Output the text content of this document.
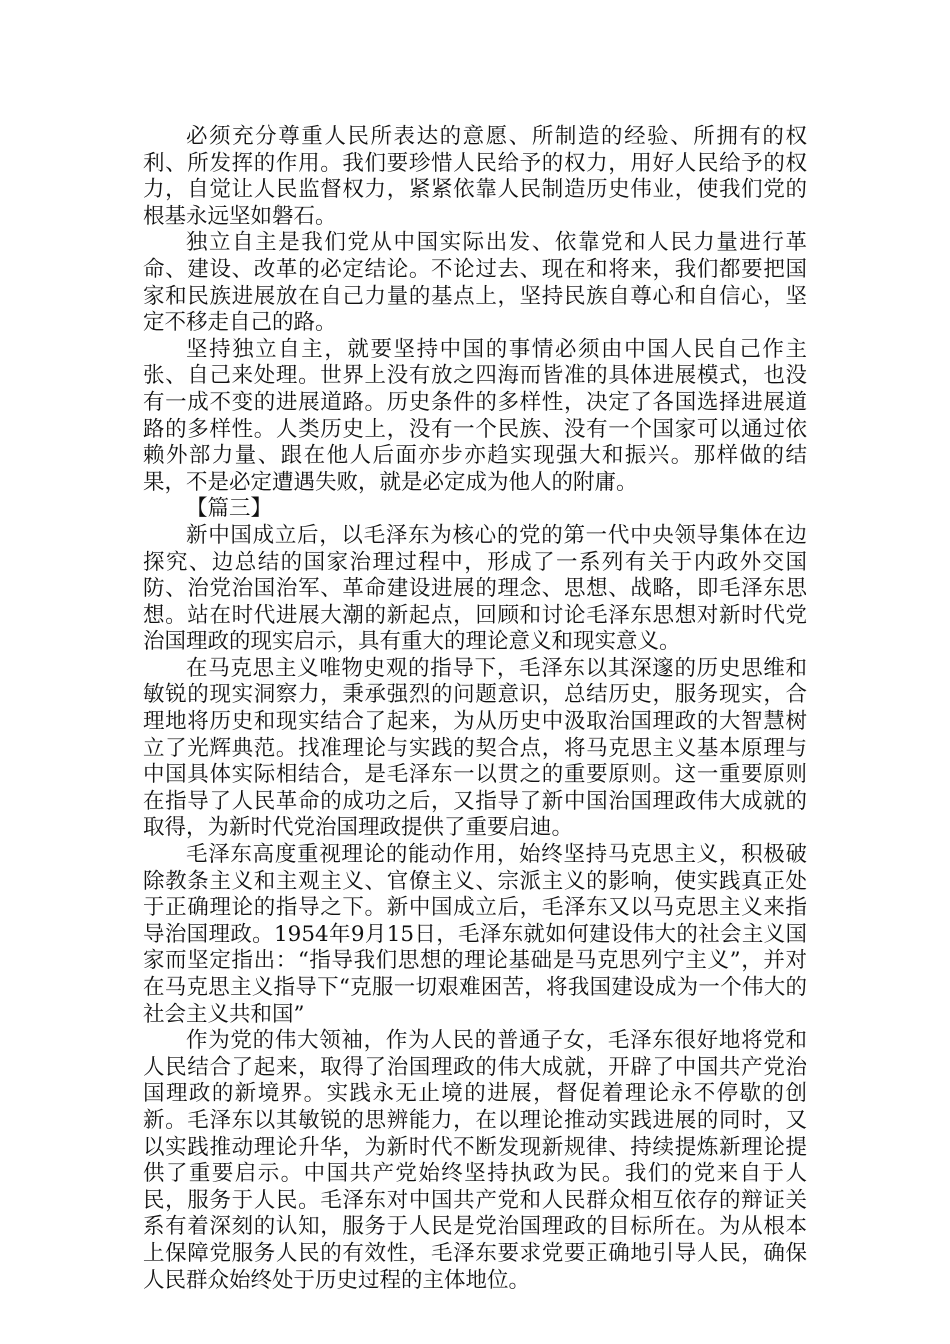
必须充分尊重人民所表达的意愿、所制造的经验、所拥有的权利、所发挥的作用。我们要珍惜人民给予的权力，用好人民给予的权力，自觉让人民监督权力，紧紧依靠人民制造历史伟业，使我们党的根基永远坚如磐石。

独立自主是我们党从中国实际出发、依靠党和人民力量进行革命、建设、改革的必定结论。不论过去、现在和将来，我们都要把国家和民族进展放在自己力量的基点上，坚持民族自尊心和自信心，坚定不移走自己的路。

坚持独立自主，就要坚持中国的事情必须由中国人民自己作主张、自己来处理。世界上没有放之四海而皆准的具体进展模式，也没有一成不变的进展道路。历史条件的多样性，决定了各国选择进展道路的多样性。人类历史上，没有一个民族、没有一个国家可以通过依赖外部力量、跟在他人后面亦步亦趋实现强大和振兴。那样做的结果，不是必定遭遇失败，就是必定成为他人的附庸。

【篇三】

新中国成立后，以毛泽东为核心的党的第一代中央领导集体在边探究、边总结的国家治理过程中，形成了一系列有关于内政外交国防、治党治国治军、革命建设进展的理念、思想、战略，即毛泽东思想。站在时代进展大潮的新起点，回顾和讨论毛泽东思想对新时代党治国理政的现实启示，具有重大的理论意义和现实意义。

在马克思主义唯物史观的指导下，毛泽东以其深邃的历史思维和敏锐的现实洞察力，秉承强烈的问题意识，总结历史，服务现实，合理地将历史和现实结合了起来，为从历史中汲取治国理政的大智慧树立了光辉典范。找准理论与实践的契合点，将马克思主义基本原理与中国具体实际相结合，是毛泽东一以贯之的重要原则。这一重要原则在指导了人民革命的成功之后，又指导了新中国治国理政伟大成就的取得，为新时代党治国理政提供了重要启迪。

毛泽东高度重视理论的能动作用，始终坚持马克思主义，积极破除教条主义和主观主义、官僚主义、宗派主义的影响，使实践真正处于正确理论的指导之下。新中国成立后，毛泽东又以马克思主义来指导治国理政。1954年9月15日，毛泽东就如何建设伟大的社会主义国家而坚定指出：“指导我们思想的理论基础是马克思列宁主义”，并对在马克思主义指导下“克服一切艰难困苦，将我国建设成为一个伟大的社会主义共和国”

作为党的伟大领袖，作为人民的普通子女，毛泽东很好地将党和人民结合了起来，取得了治国理政的伟大成就，开辟了中国共产党治国理政的新境界。实践永无止境的进展，督促着理论永不停歇的创新。毛泽东以其敏锐的思辨能力，在以理论推动实践进展的同时，又以实践推动理论升华，为新时代不断发现新规律、持续提炼新理论提供了重要启示。中国共产党始终坚持执政为民。我们的党来自于人民，服务于人民。毛泽东对中国共产党和人民群众相互依存的辩证关系有着深刻的认知，服务于人民是党治国理政的目标所在。为从根本上保障党服务人民的有效性，毛泽东要求党要正确地引导人民，确保人民群众始终处于历史过程的主体地位。
